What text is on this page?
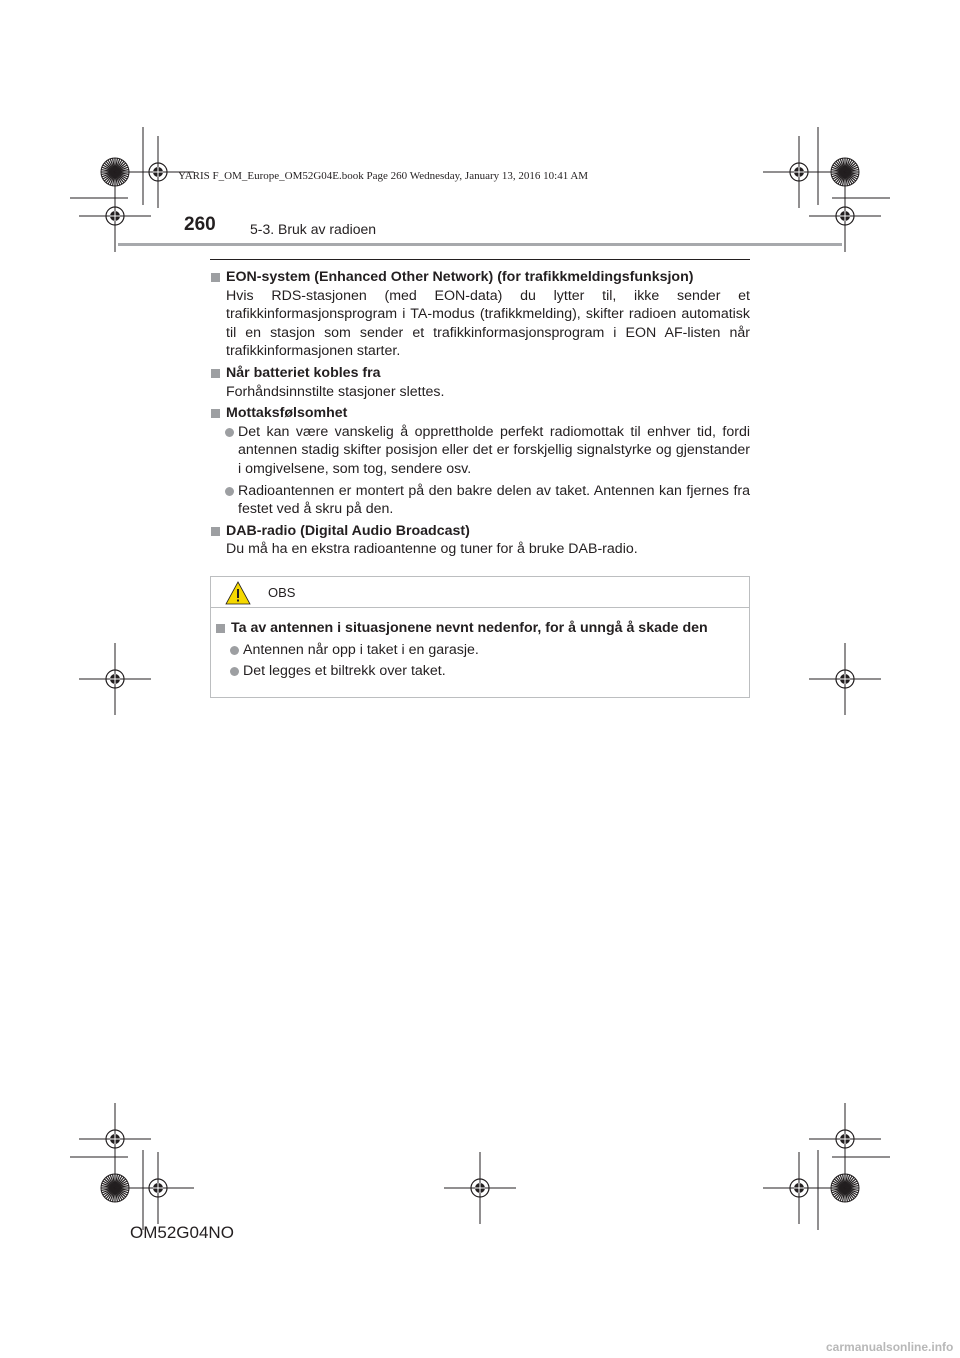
YARIS F_OM_Europe_OM52G04E.book Page 260 Wednesday, January 13, 2016 10:41 AM
260 5-3. Bruk av radioen
EON-system (Enhanced Other Network) (for trafikkmeldingsfunksjon)
Hvis RDS-stasjonen (med EON-data) du lytter til, ikke sender et trafikkinformasjonsprogram i TA-modus (trafikkmelding), skifter radioen automatisk til en stasjon som sender et trafikkinformasjonsprogram i EON AF-listen når trafikkinformasjonen starter.
Når batteriet kobles fra
Forhåndsinnstilte stasjoner slettes.
Mottaksfølsomhet
Det kan være vanskelig å opprettholde perfekt radiomottak til enhver tid, fordi antennen stadig skifter posisjon eller det er forskjellig signalstyrke og gjenstander i omgivelsene, som tog, sendere osv.
Radioantennen er montert på den bakre delen av taket. Antennen kan fjernes fra festet ved å skru på den.
DAB-radio (Digital Audio Broadcast)
Du må ha en ekstra radioantenne og tuner for å bruke DAB-radio.
OBS
Ta av antennen i situasjonene nevnt nedenfor, for å unngå å skade den
Antennen når opp i taket i en garasje.
Det legges et biltrekk over taket.
OM52G04NO
carmanualsonline.info
